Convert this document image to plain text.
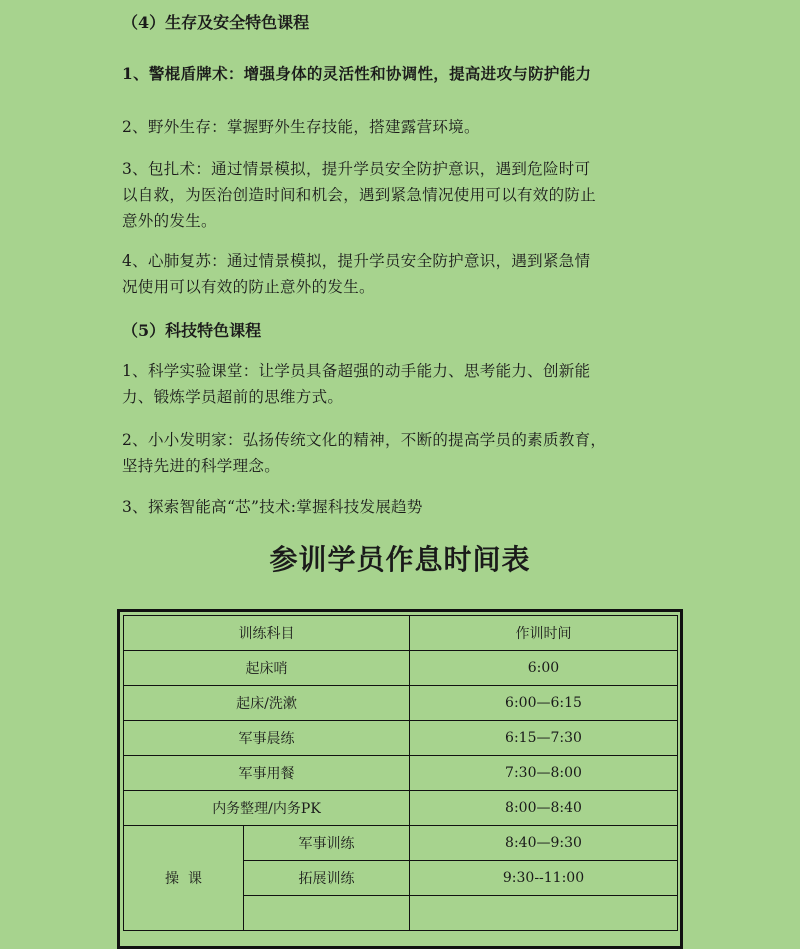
（4）生存及安全特色课程
1、警棍盾牌术：增强身体的灵活性和协调性，提高进攻与防护能力
2、野外生存：掌握野外生存技能，搭建露营环境。
3、包扎术：通过情景模拟，提升学员安全防护意识，遇到危险时可
以自救，为医治创造时间和机会，遇到紧急情况使用可以有效的防止
意外的发生。
4、心肺复苏：通过情景模拟，提升学员安全防护意识，遇到紧急情
况使用可以有效的防止意外的发生。
（5）科技特色课程
1、科学实验课堂：让学员具备超强的动手能力、思考能力、创新能
力、锻炼学员超前的思维方式。
2、小小发明家：弘扬传统文化的精神，不断的提高学员的素质教育，
坚持先进的科学理念。
3、探索智能高“芯”技术:掌握科技发展趋势
参训学员作息时间表
训练科目		作训时间
起床哨		6:00
起床/洗漱		6:00—6:15
军事晨练		6:15—7:30
军事用餐		7:30—8:00
内务整理/内务PK		8:00—8:40
操  课	军事训练	8:40—9:30
	拓展训练	9:30--11:00
